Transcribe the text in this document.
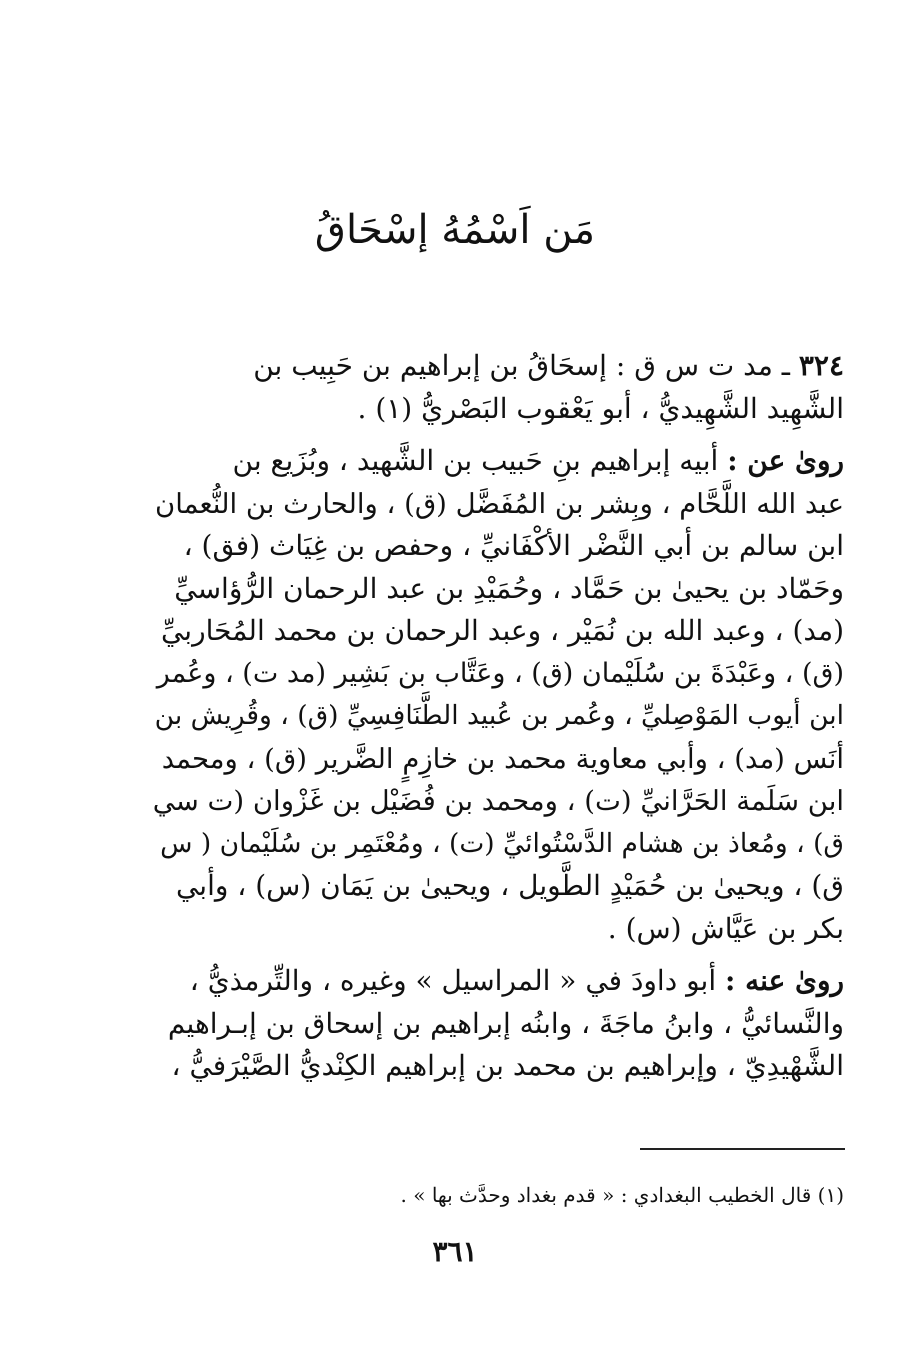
مَن اَسْمُهُ إسْحَاقُ
٣٢٤ ـ مد ت س ق : إسحَاقُ بن إبراهيم بن حَبِيب بن
الشَّهِيد الشَّهِيديُّ ، أبو يَعْقوب البَصْريُّ (١) .
روىٰ عن : أبيه إبراهيم بنِ حَبيب بن الشَّهيد ، وبُزَيع بن
عبد الله اللَّحَّام ، وبِشر بن المُفَضَّل (ق) ، والحارث بن النُّعمان
ابن سالم بن أبي النَّضْر الأكْفَانيِّ ، وحفص بن غِيَاث (فق) ،
وحَمّاد بن يحيىٰ بن حَمَّاد ، وحُمَيْدِ بن عبد الرحمان الرُّؤاسيِّ
(مد) ، وعبد الله بن نُمَيْر ، وعبد الرحمان بن محمد المُحَاربيِّ
(ق) ، وعَبْدَةَ بن سُلَيْمان (ق) ، وعَتَّاب بن بَشِير (مد ت) ، وعُمر
ابن أيوب المَوْصِليِّ ، وعُمر بن عُبيد الطَّنَافِسِيِّ (ق) ، وقُرِيش بن
أنَس (مد) ، وأبي معاوية محمد بن خازِمٍ الضَّرير (ق) ، ومحمد
ابن سَلَمة الحَرَّانيِّ (ت) ، ومحمد بن فُضَيْل بن غَزْوان (ت سي
ق) ، ومُعاذ بن هشام الدَّسْتُوائيِّ (ت) ، ومُعْتَمِر بن سُلَيْمان ( س
ق) ، ويحيىٰ بن حُمَيْدٍ الطَّويل ، ويحيىٰ بن يَمَان (س) ، وأبي
بكر بن عَيَّاش (س) .
روىٰ عنه : أبو داودَ في « المراسيل » وغيره ، والتِّرمذيُّ ،
والنَّسائيُّ ، وابنُ ماجَةَ ، وابنُه إبراهيم بن إسحاق بن إبـراهيم
الشَّهْيدِيّ ، وإبراهيم بن محمد بن إبراهيم الكِنْديُّ الصَّيْرَفيُّ ،
(١) قال الخطيب البغدادي : « قدم بغداد وحدَّث بها » .
٣٦١
